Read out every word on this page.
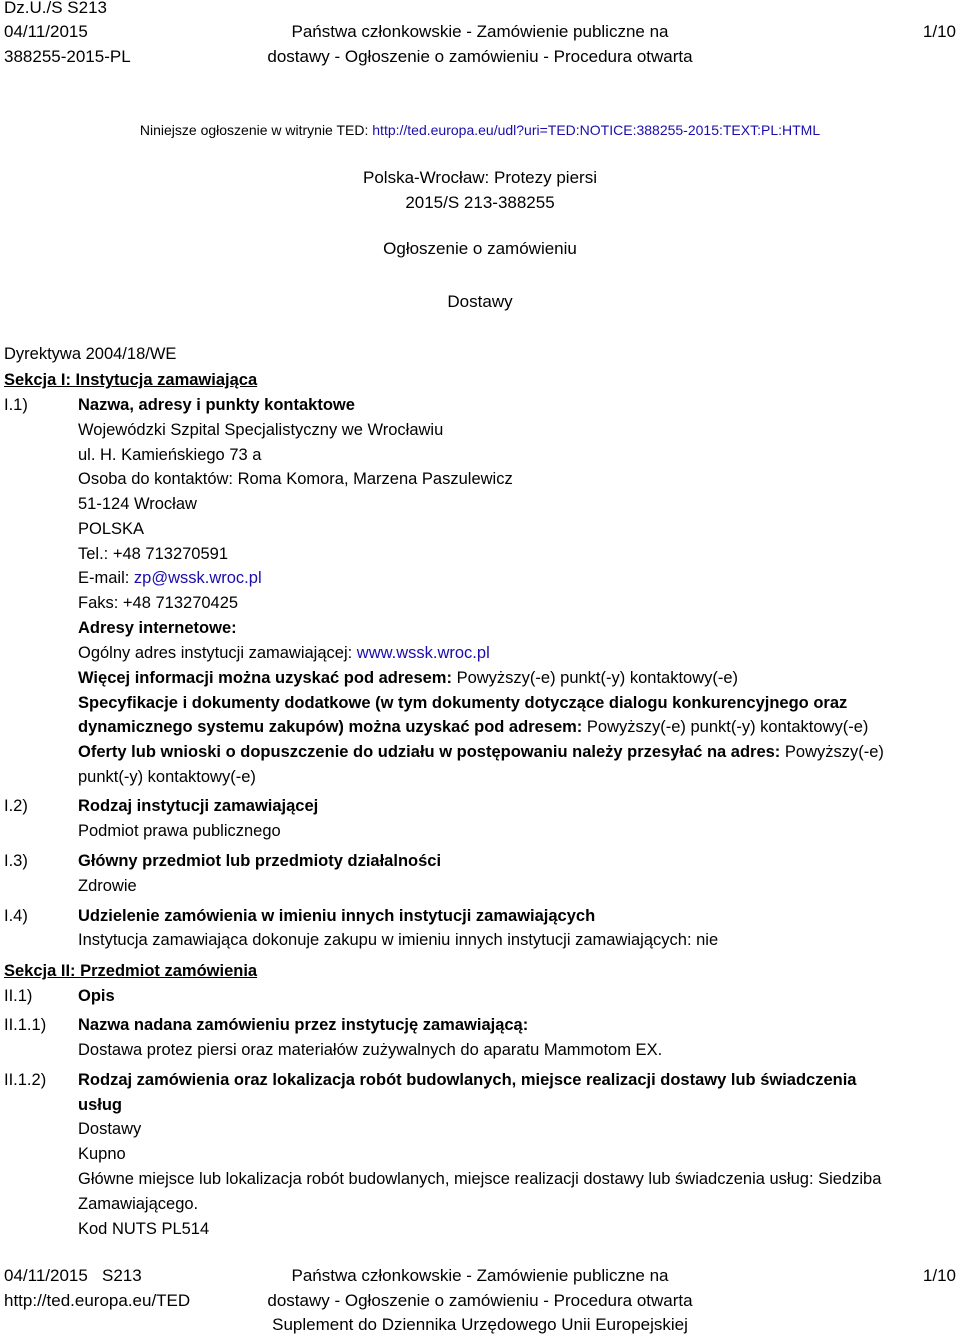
Dz.U./S S213
04/11/2015
388255-2015-PL
Państwa członkowskie - Zamówienie publiczne na
dostawy - Ogłoszenie o zamówieniu - Procedura otwarta
1/10
Niniejsze ogłoszenie w witrynie TED: http://ted.europa.eu/udl?uri=TED:NOTICE:388255-2015:TEXT:PL:HTML
Polska-Wrocław: Protezy piersi
2015/S 213-388255
Ogłoszenie o zamówieniu
Dostawy
Dyrektywa 2004/18/WE
Sekcja I: Instytucja zamawiająca
I.1)	Nazwa, adresy i punkty kontaktowe
Wojewódzki Szpital Specjalistyczny we Wrocławiu
ul. H. Kamieńskiego 73 a
Osoba do kontaktów: Roma Komora, Marzena Paszulewicz
51-124 Wrocław
POLSKA
Tel.: +48 713270591
E-mail: zp@wssk.wroc.pl
Faks: +48 713270425
Adresy internetowe:
Ogólny adres instytucji zamawiającej: www.wssk.wroc.pl
Więcej informacji można uzyskać pod adresem: Powyższy(-e) punkt(-y) kontaktowy(-e)
Specyfikacje i dokumenty dodatkowe (w tym dokumenty dotyczące dialogu konkurencyjnego oraz
dynamicznego systemu zakupów) można uzyskać pod adresem: Powyższy(-e) punkt(-y) kontaktowy(-e)
Oferty lub wnioski o dopuszczenie do udziału w postępowaniu należy przesyłać na adres: Powyższy(-e)
punkt(-y) kontaktowy(-e)
I.2)	Rodzaj instytucji zamawiającej
Podmiot prawa publicznego
I.3)	Główny przedmiot lub przedmioty działalności
Zdrowie
I.4)	Udzielenie zamówienia w imieniu innych instytucji zamawiających
Instytucja zamawiająca dokonuje zakupu w imieniu innych instytucji zamawiających: nie
Sekcja II: Przedmiot zamówienia
II.1)	Opis
II.1.1) Nazwa nadana zamówieniu przez instytucję zamawiającą:
Dostawa protez piersi oraz materiałów zużywalnych do aparatu Mammotom EX.
II.1.2) Rodzaj zamówienia oraz lokalizacja robót budowlanych, miejsce realizacji dostawy lub świadczenia
usług
Dostawy
Kupno
Główne miejsce lub lokalizacja robót budowlanych, miejsce realizacji dostawy lub świadczenia usług: Siedziba
Zamawiającego.
Kod NUTS PL514
04/11/2015   S213
http://ted.europa.eu/TED
Państwa członkowskie - Zamówienie publiczne na
dostawy - Ogłoszenie o zamówieniu - Procedura otwarta
Suplement do Dziennika Urzędowego Unii Europejskiej
1/10
